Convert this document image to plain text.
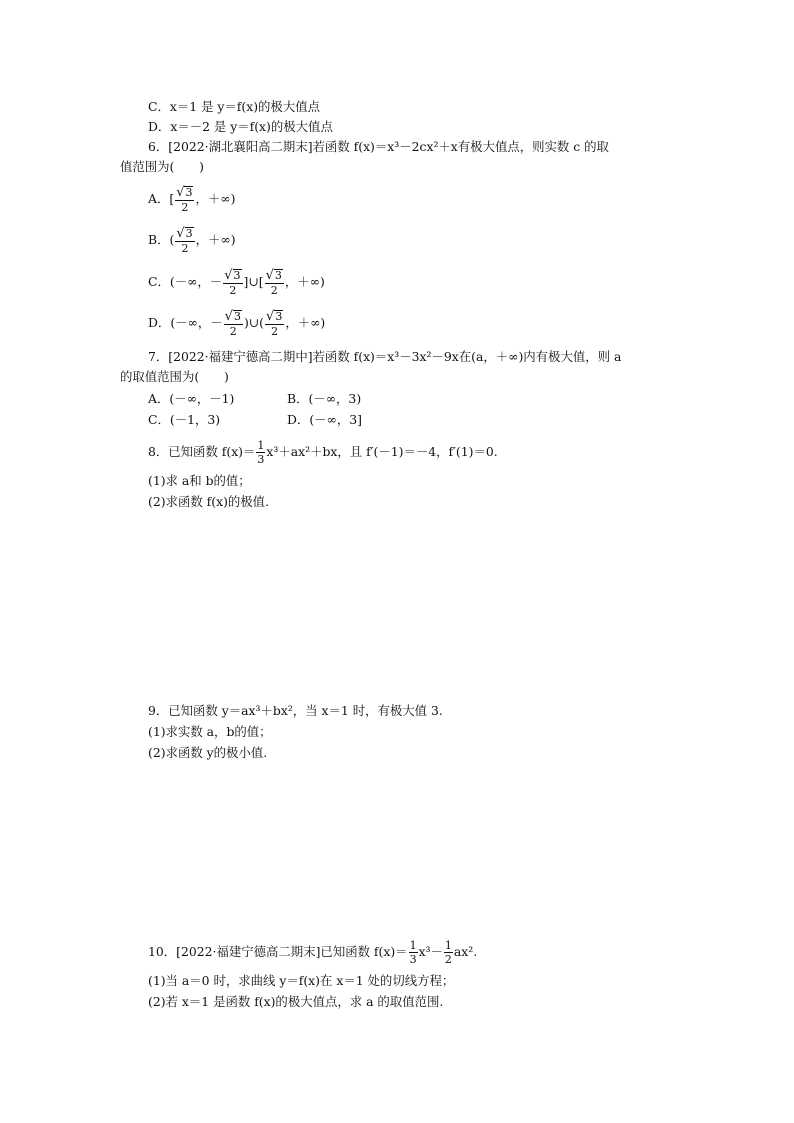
C．x＝1 是 y＝f(x)的极大值点
D．x＝－2 是 y＝f(x)的极大值点
6．[2022·湖北襄阳高二期末]若函数 f(x)＝x³－2cx²＋x有极大值点，则实数 c 的取
值范围为(　　)
A．[ $\frac{√3}{2}$ ，＋∞)
B．( $\frac{√3}{2}$ ，＋∞)
C．(－∞，－ $\frac{√3}{2}$ ]∪[ $\frac{√3}{2}$ ，＋∞)
D．(－∞，－ $\frac{√3}{2}$ )∪( $\frac{√3}{2}$ ，＋∞)
7．[2022·福建宁德高二期中]若函数 f(x)＝x³－3x²－9x在(a，＋∞)内有极大值，则 a
的取值范围为(　　)
A．(－∞，－1)	B．(－∞，3)
C．(－1，3)	D．(－∞，3]
8．已知函数 $f(x)= \frac{1}{3} x^3+ax^2+bx$，且 f′(－1)＝－4，f′(1)＝0.
(1)求 a和 b的值；
(2)求函数 f(x)的极值.
9．已知函数 y＝ax³＋bx²，当 x＝1 时，有极大值 3.
(1)求实数 a，b的值；
(2)求函数 y的极小值.
10．[2022·福建宁德高二期末]已知函数 $f(x)= \frac{1}{3} x^3- \frac{1}{2} ax^2$.
(1)当 a＝0 时，求曲线 y＝f(x)在 x＝1 处的切线方程；
(2)若 x＝1 是函数 f(x)的极大值点，求 a 的取值范围.
